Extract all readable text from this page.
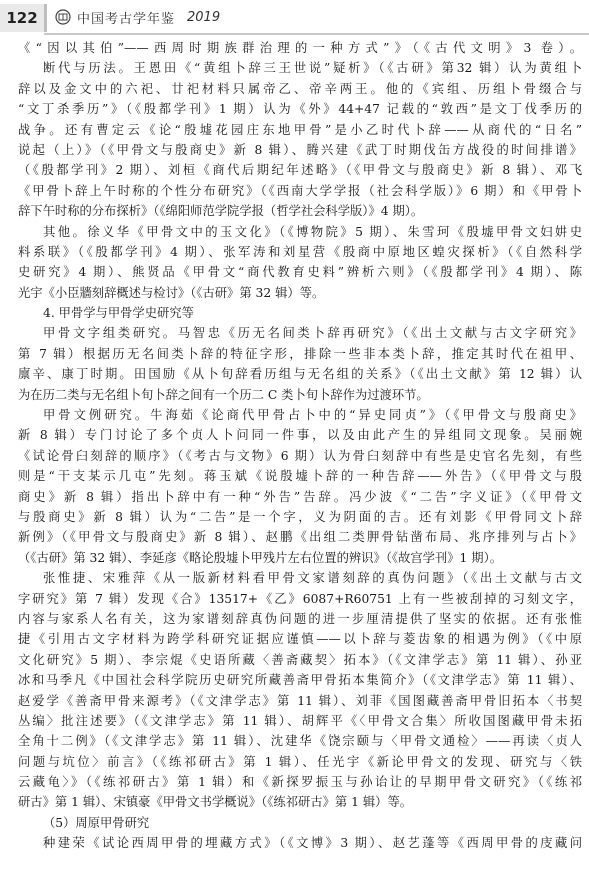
122	中国考古学年鉴 2019
《“因以其伯”——西周时期族群治理的一种方式”》（《古代文明》3 卷）。
断代与历法。王恩田《“黄组卜辞三王世说”疑析》（《古研》第32 辑）认为黄组卜
辞以及金文中的六祀、廿祀材料只属帝乙、帝辛两王。他的《宾组、历组卜骨缀合与
“文丁杀季历”》（《殷都学刊》1 期）认为《外》44+47 记载的“敦西”是文丁伐季历的
战争。还有曹定云《论“殷墟花园庄东地甲骨”是小乙时代卜辞——从商代的“日名”
说起（上）》（《甲骨文与殷商史》新 8 辑）、腾兴建《武丁时期伐缶方战役的时间排谱》
（《殷都学刊》2 期）、刘桓《商代后期纪年述略》（《甲骨文与殷商史》新 8 辑）、邓飞
《甲骨卜辞上午时称的个性分布研究》（《西南大学学报（社会科学版）》6 期）和《甲骨卜
辞下午时称的分布探析》（《绵阳师范学院学报（哲学社会科学版）》4 期）。
其他。徐义华《甲骨文中的玉文化》（《博物院》5 期）、朱雪珂《殷墟甲骨文妇妌史
料系联》（《殷都学刊》4 期）、张军涛和刘星营《殷商中原地区蝗灾探析》（《自然科学
史研究》4 期）、熊贤品《甲骨文“商代教育史料”辨析六则》（《殷都学刊》4 期）、陈
光宇《小臣牆刻辞概述与检讨》（《古研》第 32 辑）等。
4. 甲骨学与甲骨学史研究等
甲骨文字组类研究。马智忠《历无名间类卜辞再研究》（《出土文献与古文字研究》
第 7 辑）根据历无名间类卜辞的特征字形，排除一些非本类卜辞，推定其时代在祖甲、
廪辛、康丁时期。田国励《从卜旬辞看历组与无名组的关系》（《出土文献》第 12 辑）认
为在历二类与无名组卜旬卜辞之间有一个历二 C 类卜旬卜辞作为过渡环节。
甲骨文例研究。牛海茹《论商代甲骨占卜中的“异史同贞”》（《甲骨文与殷商史》
新 8 辑）专门讨论了多个贞人卜问同一件事，以及由此产生的异组同文现象。吴丽婉
《试论骨臼刻辞的顺序》（《考古与文物》6 期）认为骨臼刻辞中有些是史官名先刻，有些
则是“干支某示几屯”先刻。蒋玉斌《说殷墟卜辞的一种告辞——外告》（《甲骨文与殷
商史》新 8 辑）指出卜辞中有一种“外告”告辞。冯少波《“二告”字义证》（《甲骨文
与殷商史》新 8 辑）认为“二告”是一个字，义为阴面的吉。还有刘影《甲骨同文卜辞
新例》（《甲骨文与殷商史》新 8 辑）、赵鹏《出组二类胛骨钻凿布局、兆序排列与占卜》
（《古研》第 32 辑）、李延彦《略论殷墟卜甲残片左右位置的辨识》（《故宫学刊》1 期）。
张惟捷、宋雅萍《从一版新材料看甲骨文家谱刻辞的真伪问题》（《出土文献与古文
字研究》第 7 辑）发现《合》13517+《乙》6087+R60751 上有一些被刮掉的习刻文字，
内容与家系人名有关，这为家谱刻辞真伪问题的进一步厘清提供了坚实的依据。还有张惟
捷《引用古文字材料为跨学科研究证据应谨慎——以卜辞与菱齿象的相遇为例》（《中原
文化研究》5 期）、李宗焜《史语所藏〈善斋藏契〉拓本》（《文津学志》第 11 辑）、孙亚
冰和马季凡《中国社会科学院历史研究所藏善斋甲骨拓本集简介》（《文津学志》第 11 辑）、
赵爱学《善斋甲骨来源考》（《文津学志》第 11 辑）、刘菲《国图藏善斋甲骨旧拓本〈书契
丛编〉批注述要》（《文津学志》第 11 辑）、胡辉平《〈甲骨文合集〉所收国图藏甲骨未拓
全角十二例》（《文津学志》第 11 辑）、沈建华《饶宗颐与〈甲骨文通检〉——再读〈贞人
问题与坑位〉前言》（《练祁研古》第 1 辑）、任光宇《新论甲骨文的发现、研究与〈铁
云藏龟〉》（《练祁研古》第 1 辑）和《新探罗振玉与孙诒让的早期甲骨文研究》（《练祁
研古》第 1 辑）、宋镇豪《甲骨文书学概说》（《练祁研古》第 1 辑）等。
（5）周原甲骨研究
种建荣《试论西周甲骨的埋藏方式》（《文博》3 期）、赵艺蓬等《西周甲骨的庋藏问
